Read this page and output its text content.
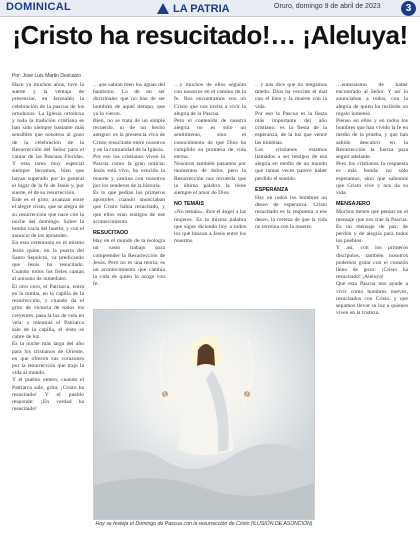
DOMINICAL	LA PATRIA	Oruro, domingo 9 de abril de 2023	3
¡Cristo ha resucitado!… ¡Aleluya!
Por: José Luis Martin Descalzo

Hace ya muchos años, tuve la suerte y la ventaja de presenciar, en Jerusalén la celebración de la pascua de los ortodoxos. La Iglesia ortodoxa y toda la tradición cristiana se han sido siempre bastante más sensibles que nosotros al gozo de la celebración de la Resurrección del Señor para el cantar de las Pascuas Floridas. Y esta tarea muy especial siempre llevamos, bien que hayan superado por lo general el lugar de la fe de Jesús y, por suerte, el de su resurrección.

Este es el grito, avanzan entre el alegre cristo, que se alegra de su resurrección que nace con la noche del domingo. Sobre la tumba vacía del huerto, y con el anuncio de los apóstoles.

En esta ceremonia es el mismo Jesús quien, en la puerta del Santo Sepulcro, va predicando que Jesús ha resucitado. Cuando todos los fieles cantan al unísono de inmediato.

El otro coro, el Patriarca, entra en la tumba, en la capilla de la resurrección, y cuando da el grito de victoria de todos los creyentes, pasa la luz de vela en vela: y mientras el Patriarca sale de la capilla, el resto se cubre de luz.

Es la noche más larga del año para los cristianos de Oriente, en que ofrecen sus corazones por la resurrección que trajo la vida al mundo.

Y el pueblo entero, cuando el Patriarca sale, grita: ¡Cristo ha resucitado! Y el pueblo responde: ¡En verdad ha resucitado!

…que sabían bien los aguas del bautismo. Lo de no ser doctrinales que no han de ser hombres de aquel tiempo, que ya lo vieron.

Bien, no se trata de un simple recuerdo, ni de un hecho antiguo: es la presencia viva de Cristo resucitado entre nosotros y en la comunidad de la Iglesia.

Por eso los cristianos viven la Pascua como la gran noticia: Jesús está vivo, ha vencido la muerte y camina con nosotros por los senderos de la historia.

Es lo que pedían los primeros apóstoles cuando anunciaban que Cristo había resucitado, y que ellos eran testigos de ese acontecimiento.

RESUCITADO

Hay en el mundo de la teología un vasto trabajo para comprender la Resurrección de Jesús. Pero no es una teoría; es un acontecimiento que cambia la vida de quien lo acoge con fe.

…y muchos de ellos seguían con nosotros en el camino de la fe. Nos encontramos con un Cristo que nos invita a vivir la alegría de la Pascua.

Pero el contenido de nuestra alegría no es sólo un sentimiento, sino el conocimiento de que Dios ha cumplido su promesa de vida eterna.

Nosotros también pasamos por momentos de dolor, pero la Resurrección nos recuerda que la última palabra la tiene siempre el amor de Dios.

NO TEMÁIS

«No temáis», dice el ángel a las mujeres. Es la misma palabra que sigue diciendo hoy a todos los que buscan a Jesús entre los muertos.

…y nos dice que no tengamos miedo. Dios ha vencido el mal con el bien y la muerte con la vida.

Por eso la Pascua es la fiesta más importante del año cristiano: es la fiesta de la esperanza, de la luz que vence las tinieblas.

Los cristianos estamos llamados a ser testigos de esa alegría en medio de un mundo que tantas veces parece haber perdido el sentido.

ESPERANZA

Hay en todos los hombres un deseo de esperanza. Cristo resucitado es la respuesta a ese deseo, la certeza de que la vida no termina con la muerte.

…entusiasmo de haber encontrado al Señor. Y así lo anunciaban a todos, con la alegría de quien ha recibido un regalo inmenso.

Pienso en ellos y en todos los hombres que han vivido la fe en medio de la prueba, y que han sabido descubrir en la Resurrección la fuerza para seguir adelante.

Pero los cristianos la respuesta es más honda: no sólo esperamos, sino que sabemos que Cristo vive y nos da su vida.

MENSAJERO

Muchos tienen que pensar en el mensaje que nos trae la Pascua. Es un mensaje de paz, de perdón y de alegría para todos los pueblos.

Y así, con los primeros discípulos, también nosotros podemos gritar con el corazón lleno de gozo: ¡Cristo ha resucitado! ¡Aleluya!

Que esta Pascua nos ayude a vivir como hombres nuevos, resucitados con Cristo, y que sepamos llevar su luz a quienes viven en la tristeza.

Hoy se festeja el Domingo de Pascua con la resurrección de Cristo (ILUSIÓN DE ASUNCIÓN)
